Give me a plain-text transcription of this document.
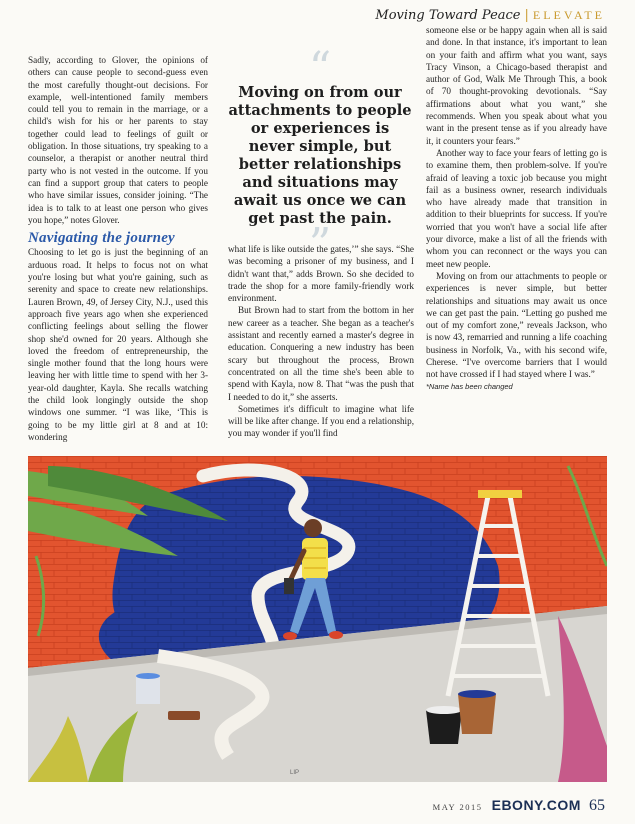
Moving Toward Peace | ELEVATE

Sadly, according to Glover, the opinions of others can cause people to second-guess even the most carefully thought-out decisions. For example, well-intentioned family members could tell you to remain in the marriage, or a child's wish for his or her parents to stay together could lead to feelings of guilt or obligation. In those situations, try speaking to a counselor, a therapist or another neutral third party who is not vested in the outcome. If you can find a support group that caters to people who have similar issues, consider joining. “The idea is to talk to at least one person who gives you hope,” notes Glover.

Navigating the journey

Choosing to let go is just the beginning of an arduous road. It helps to focus not on what you're losing but what you're gaining, such as serenity and space to create new relationships. Lauren Brown, 49, of Jersey City, N.J., used this approach five years ago when she experienced conflicting feelings about selling the flower shop she'd owned for 20 years. Although she loved the freedom of entrepreneurship, the single mother found that the long hours were leaving her with little time to spend with her 3-year-old daughter, Kayla. She recalls watching the child look longingly outside the shop windows one summer. “I was like, ‘This is going to be my little girl at 8 and at 10: wondering

“
Moving on from our attachments to people or experiences is never simple, but better relationships and situations may await us once we can get past the pain.
”

what life is like outside the gates,’” she says. “She was becoming a prisoner of my business, and I didn't want that,” adds Brown. So she decided to trade the shop for a more family-friendly work environment.

But Brown had to start from the bottom in her new career as a teacher. She began as a teacher's assistant and recently earned a master's degree in education. Conquering a new industry has been scary but throughout the process, Brown concentrated on all the time she's been able to spend with Kayla, now 8. That “was the push that I needed to do it,” she asserts.

Sometimes it's difficult to imagine what life will be like after change. If you end a relationship, you may wonder if you'll find

someone else or be happy again when all is said and done. In that instance, it's important to lean on your faith and affirm what you want, says Tracy Vinson, a Chicago-based therapist and author of God, Walk Me Through This, a book of 70 thought-provoking devotionals. “Say affirmations about what you want,” she recommends. When you speak about what you want in the present tense as if you already have it, it counters your fears.”

Another way to face your fears of letting go is to examine them, then problem-solve. If you're afraid of leaving a toxic job because you might fail as a business owner, research individuals who have already made that transition in addition to their blueprints for success. If you're worried that you won't have a social life after your divorce, make a list of all the friends with whom you can reconnect or the ways you can meet new people.

Moving on from our attachments to people or experiences is never simple, but better relationships and situations may await us once we can get past the pain. “Letting go pushed me out of my comfort zone,” reveals Jackson, who is now 43, remarried and running a life coaching business in Norfolk, Va., with his second wife, Cherese. “I've overcome barriers that I would not have crossed if I had stayed where I was.”

*Name has been changed

LIP
MAY 2015 EBONY.COM 65
